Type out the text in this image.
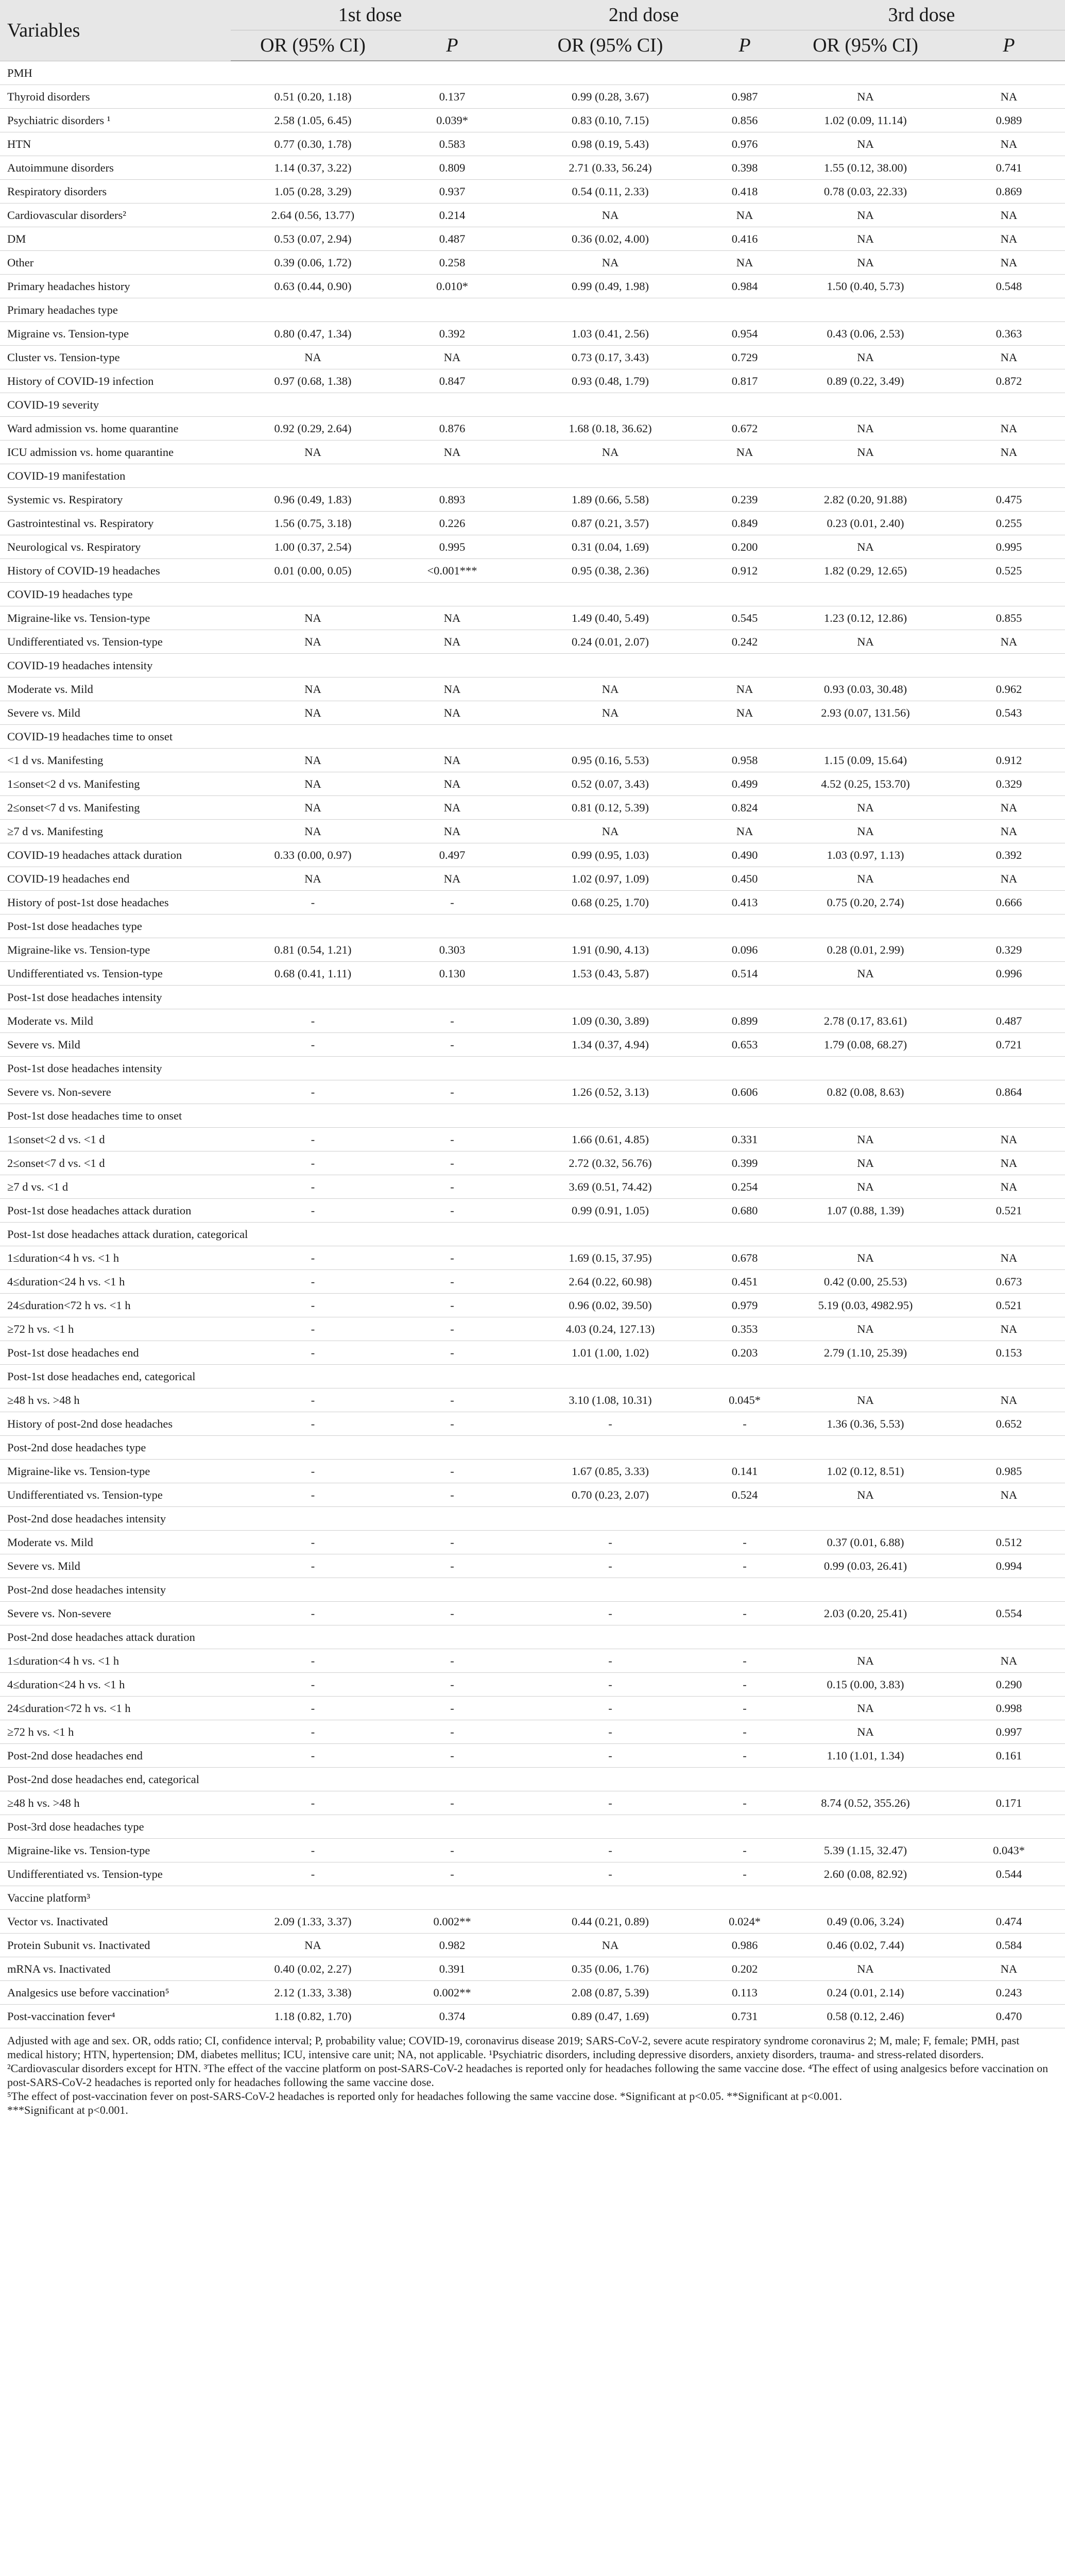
Variables	1st dose		2nd dose		3rd dose	
	OR (95% CI)	P	OR (95% CI)	P	OR (95% CI)	P
PMH						
Thyroid disorders	0.51 (0.20, 1.18)	0.137	0.99 (0.28, 3.67)	0.987	NA	NA
Psychiatric disorders ¹	2.58 (1.05, 6.45)	0.039*	0.83 (0.10, 7.15)	0.856	1.02 (0.09, 11.14)	0.989
HTN	0.77 (0.30, 1.78)	0.583	0.98 (0.19, 5.43)	0.976	NA	NA
Autoimmune disorders	1.14 (0.37, 3.22)	0.809	2.71 (0.33, 56.24)	0.398	1.55 (0.12, 38.00)	0.741
Respiratory disorders	1.05 (0.28, 3.29)	0.937	0.54 (0.11, 2.33)	0.418	0.78 (0.03, 22.33)	0.869
Cardiovascular disorders²	2.64 (0.56, 13.77)	0.214	NA	NA	NA	NA
DM	0.53 (0.07, 2.94)	0.487	0.36 (0.02, 4.00)	0.416	NA	NA
Other	0.39 (0.06, 1.72)	0.258	NA	NA	NA	NA
Primary headaches history	0.63 (0.44, 0.90)	0.010*	0.99 (0.49, 1.98)	0.984	1.50 (0.40, 5.73)	0.548
Primary headaches type						
Migraine vs. Tension-type	0.80 (0.47, 1.34)	0.392	1.03 (0.41, 2.56)	0.954	0.43 (0.06, 2.53)	0.363
Cluster vs. Tension-type	NA	NA	0.73 (0.17, 3.43)	0.729	NA	NA
History of COVID-19 infection	0.97 (0.68, 1.38)	0.847	0.93 (0.48, 1.79)	0.817	0.89 (0.22, 3.49)	0.872
COVID-19 severity						
Ward admission vs. home quarantine	0.92 (0.29, 2.64)	0.876	1.68 (0.18, 36.62)	0.672	NA	NA
ICU admission vs. home quarantine	NA	NA	NA	NA	NA	NA
COVID-19 manifestation						
Systemic vs. Respiratory	0.96 (0.49, 1.83)	0.893	1.89 (0.66, 5.58)	0.239	2.82 (0.20, 91.88)	0.475
Gastrointestinal vs. Respiratory	1.56 (0.75, 3.18)	0.226	0.87 (0.21, 3.57)	0.849	0.23 (0.01, 2.40)	0.255
Neurological vs. Respiratory	1.00 (0.37, 2.54)	0.995	0.31 (0.04, 1.69)	0.200	NA	0.995
History of COVID-19 headaches	0.01 (0.00, 0.05)	<0.001***	0.95 (0.38, 2.36)	0.912	1.82 (0.29, 12.65)	0.525
COVID-19 headaches type						
Migraine-like vs. Tension-type	NA	NA	1.49 (0.40, 5.49)	0.545	1.23 (0.12, 12.86)	0.855
Undifferentiated vs. Tension-type	NA	NA	0.24 (0.01, 2.07)	0.242	NA	NA
COVID-19 headaches intensity						
Moderate vs. Mild	NA	NA	NA	NA	0.93 (0.03, 30.48)	0.962
Severe vs. Mild	NA	NA	NA	NA	2.93 (0.07, 131.56)	0.543
COVID-19 headaches time to onset						
<1 d vs. Manifesting	NA	NA	0.95 (0.16, 5.53)	0.958	1.15 (0.09, 15.64)	0.912
1≤onset<2 d vs. Manifesting	NA	NA	0.52 (0.07, 3.43)	0.499	4.52 (0.25, 153.70)	0.329
2≤onset<7 d vs. Manifesting	NA	NA	0.81 (0.12, 5.39)	0.824	NA	NA
≥7 d vs. Manifesting	NA	NA	NA	NA	NA	NA
COVID-19 headaches attack duration	0.33 (0.00, 0.97)	0.497	0.99 (0.95, 1.03)	0.490	1.03 (0.97, 1.13)	0.392
COVID-19 headaches end	NA	NA	1.02 (0.97, 1.09)	0.450	NA	NA
History of post-1st dose headaches	-	-	0.68 (0.25, 1.70)	0.413	0.75 (0.20, 2.74)	0.666
Post-1st dose headaches type						
Migraine-like vs. Tension-type	0.81 (0.54, 1.21)	0.303	1.91 (0.90, 4.13)	0.096	0.28 (0.01, 2.99)	0.329
Undifferentiated vs. Tension-type	0.68 (0.41, 1.11)	0.130	1.53 (0.43, 5.87)	0.514	NA	0.996
Post-1st dose headaches intensity						
Moderate vs. Mild	-	-	1.09 (0.30, 3.89)	0.899	2.78 (0.17, 83.61)	0.487
Severe vs. Mild	-	-	1.34 (0.37, 4.94)	0.653	1.79 (0.08, 68.27)	0.721
Post-1st dose headaches intensity						
Severe vs. Non-severe	-	-	1.26 (0.52, 3.13)	0.606	0.82 (0.08, 8.63)	0.864
Post-1st dose headaches time to onset						
1≤onset<2 d vs. <1 d	-	-	1.66 (0.61, 4.85)	0.331	NA	NA
2≤onset<7 d vs. <1 d	-	-	2.72 (0.32, 56.76)	0.399	NA	NA
≥7 d vs. <1 d	-	-	3.69 (0.51, 74.42)	0.254	NA	NA
Post-1st dose headaches attack duration	-	-	0.99 (0.91, 1.05)	0.680	1.07 (0.88, 1.39)	0.521
Post-1st dose headaches attack duration, categorical						
1≤duration<4 h vs. <1 h	-	-	1.69 (0.15, 37.95)	0.678	NA	NA
4≤duration<24 h vs. <1 h	-	-	2.64 (0.22, 60.98)	0.451	0.42 (0.00, 25.53)	0.673
24≤duration<72 h vs. <1 h	-	-	0.96 (0.02, 39.50)	0.979	5.19 (0.03, 4982.95)	0.521
≥72 h vs. <1 h	-	-	4.03 (0.24, 127.13)	0.353	NA	NA
Post-1st dose headaches end	-	-	1.01 (1.00, 1.02)	0.203	2.79 (1.10, 25.39)	0.153
Post-1st dose headaches end, categorical						
≥48 h vs. >48 h	-	-	3.10 (1.08, 10.31)	0.045*	NA	NA
History of post-2nd dose headaches	-	-	-	-	1.36 (0.36, 5.53)	0.652
Post-2nd dose headaches type						
Migraine-like vs. Tension-type	-	-	1.67 (0.85, 3.33)	0.141	1.02 (0.12, 8.51)	0.985
Undifferentiated vs. Tension-type	-	-	0.70 (0.23, 2.07)	0.524	NA	NA
Post-2nd dose headaches intensity						
Moderate vs. Mild	-	-	-	-	0.37 (0.01, 6.88)	0.512
Severe vs. Mild	-	-	-	-	0.99 (0.03, 26.41)	0.994
Post-2nd dose headaches intensity						
Severe vs. Non-severe	-	-	-	-	2.03 (0.20, 25.41)	0.554
Post-2nd dose headaches attack duration						
1≤duration<4 h vs. <1 h	-	-	-	-	NA	NA
4≤duration<24 h vs. <1 h	-	-	-	-	0.15 (0.00, 3.83)	0.290
24≤duration<72 h vs. <1 h	-	-	-	-	NA	0.998
≥72 h vs. <1 h	-	-	-	-	NA	0.997
Post-2nd dose headaches end	-	-	-	-	1.10 (1.01, 1.34)	0.161
Post-2nd dose headaches end, categorical						
≥48 h vs. >48 h	-	-	-	-	8.74 (0.52, 355.26)	0.171
Post-3rd dose headaches type						
Migraine-like vs. Tension-type	-	-	-	-	5.39 (1.15, 32.47)	0.043*
Undifferentiated vs. Tension-type	-	-	-	-	2.60 (0.08, 82.92)	0.544
Vaccine platform³						
Vector vs. Inactivated	2.09 (1.33, 3.37)	0.002**	0.44 (0.21, 0.89)	0.024*	0.49 (0.06, 3.24)	0.474
Protein Subunit vs. Inactivated	NA	0.982	NA	0.986	0.46 (0.02, 7.44)	0.584
mRNA vs. Inactivated	0.40 (0.02, 2.27)	0.391	0.35 (0.06, 1.76)	0.202	NA	NA
Analgesics use before vaccination⁵	2.12 (1.33, 3.38)	0.002**	2.08 (0.87, 5.39)	0.113	0.24 (0.01, 2.14)	0.243
Post-vaccination fever⁴	1.18 (0.82, 1.70)	0.374	0.89 (0.47, 1.69)	0.731	0.58 (0.12, 2.46)	0.470

Adjusted with age and sex. OR, odds ratio; CI, confidence interval; P, probability value; COVID-19, coronavirus disease 2019; SARS-CoV-2, severe acute respiratory syndrome coronavirus 2; M, male; F, female; PMH, past medical history; HTN, hypertension; DM, diabetes mellitus; ICU, intensive care unit; NA, not applicable. ¹Psychiatric disorders, including depressive disorders, anxiety disorders, trauma- and stress-related disorders. ²Cardiovascular disorders except for HTN. ³The effect of the vaccine platform on post-SARS-CoV-2 headaches is reported only for headaches following the same vaccine dose. ⁴The effect of using analgesics before vaccination on post-SARS-CoV-2 headaches is reported only for headaches following the same vaccine dose.

⁵The effect of post-vaccination fever on post-SARS-CoV-2 headaches is reported only for headaches following the same vaccine dose. *Significant at p<0.05. **Significant at p<0.001.

***Significant at p<0.001.
